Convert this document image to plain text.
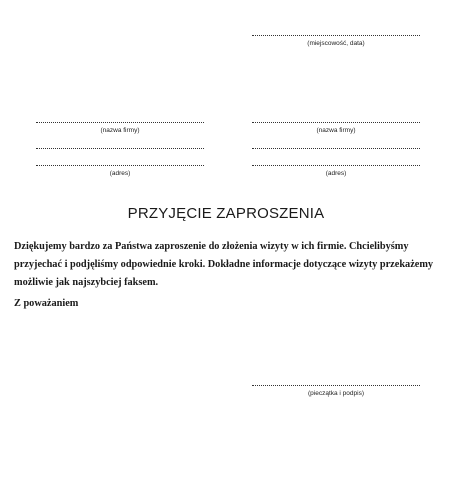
(miejscowość, data)
(nazwa firmy)
(adres)
(nazwa firmy)
(adres)
PRZYJĘCIE ZAPROSZENIA
Dziękujemy bardzo za Państwa zaproszenie do złożenia wizyty w ich firmie. Chcielibyśmy przyjechać i podjęliśmy odpowiednie kroki. Dokładne informacje dotyczące wizyty przekażemy możliwie jak najszybciej faksem.
Z poważaniem
(pieczątka i podpis)
